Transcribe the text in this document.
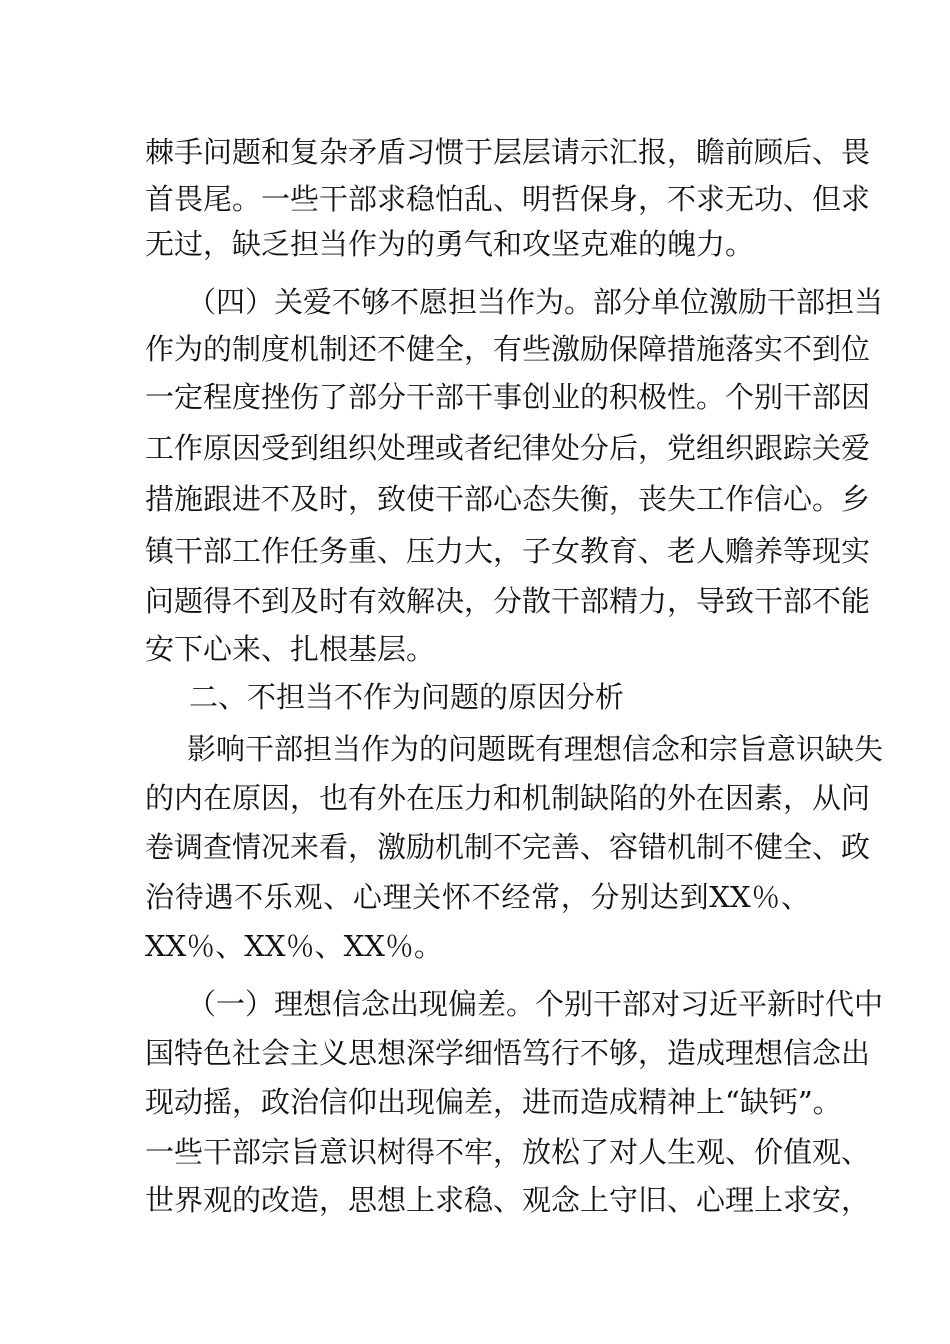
棘手问题和复杂矛盾习惯于层层请示汇报，瞻前顾后、畏
首畏尾。一些干部求稳怕乱、明哲保身，不求无功、但求
无过，缺乏担当作为的勇气和攻坚克难的魄力。
（四）关爱不够不愿担当作为。部分单位激励干部担当
作为的制度机制还不健全，有些激励保障措施落实不到位
一定程度挫伤了部分干部干事创业的积极性。个别干部因
工作原因受到组织处理或者纪律处分后，党组织跟踪关爱
措施跟进不及时，致使干部心态失衡，丧失工作信心。乡
镇干部工作任务重、压力大，子女教育、老人赡养等现实
问题得不到及时有效解决，分散干部精力，导致干部不能
安下心来、扎根基层。
二、不担当不作为问题的原因分析
影响干部担当作为的问题既有理想信念和宗旨意识缺失
的内在原因，也有外在压力和机制缺陷的外在因素，从问
卷调查情况来看，激励机制不完善、容错机制不健全、政
治待遇不乐观、心理关怀不经常，分别达到XX％、
XX％、XX％、XX％。
（一）理想信念出现偏差。个别干部对习近平新时代中
国特色社会主义思想深学细悟笃行不够，造成理想信念出
现动摇，政治信仰出现偏差，进而造成精神上“缺钙”。
一些干部宗旨意识树得不牢，放松了对人生观、价值观、
世界观的改造，思想上求稳、观念上守旧、心理上求安，
